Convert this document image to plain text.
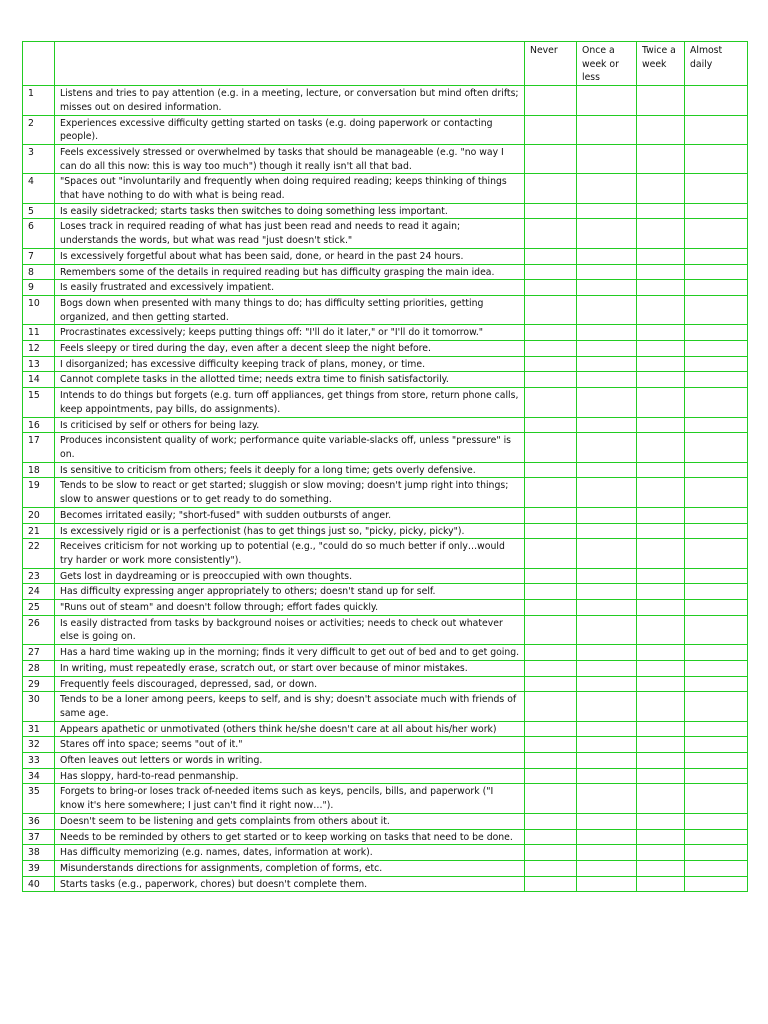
		Never	Once a week or less	Twice a week	Almost daily
1	Listens and tries to pay attention (e.g. in a meeting, lecture, or conversation but mind often drifts; misses out on desired information.				
2	Experiences excessive difficulty getting started on tasks (e.g. doing paperwork or contacting people).				
3	Feels excessively stressed or overwhelmed by tasks that should be manageable (e.g. "no way I can do all this now: this is way too much") though it really isn't all that bad.				
4	"Spaces out "involuntarily and frequently when doing required reading; keeps thinking of things that have nothing to do with what is being read.				
5	Is easily sidetracked; starts tasks then switches to doing something less important.				
6	Loses track in required reading of what has just been read and needs to read it again; understands the words, but what was read "just doesn't stick."				
7	Is excessively forgetful about what has been said, done, or heard in the past 24 hours.				
8	Remembers some of the details in required reading but has difficulty grasping the main idea.				
9	Is easily frustrated and excessively impatient.				
10	Bogs down when presented with many things to do; has difficulty setting priorities, getting organized, and then getting started.				
11	Procrastinates excessively; keeps putting things off: "I'll do it later," or "I'll do it tomorrow."				
12	Feels sleepy or tired during the day, even after a decent sleep the night before.				
13	I disorganized; has excessive difficulty keeping track of plans, money, or time.				
14	Cannot complete tasks in the allotted time; needs extra time to finish satisfactorily.				
15	Intends to do things but forgets (e.g. turn off appliances, get things from store, return phone calls, keep appointments, pay bills, do assignments).				
16	Is criticised by self or others for being lazy.				
17	Produces inconsistent quality of work; performance quite variable-slacks off, unless "pressure" is on.				
18	Is sensitive to criticism from others; feels it deeply for a long time; gets overly defensive.				
19	Tends to be slow to react or get started; sluggish or slow moving; doesn't jump right into things; slow to answer questions or to get ready to do something.				
20	Becomes irritated easily; "short-fused" with sudden outbursts of anger.				
21	Is excessively rigid or is a perfectionist (has to get things just so, "picky, picky, picky").				
22	Receives criticism for not working up to potential (e.g., "could do so much better if only…would try harder or work more consistently").				
23	Gets lost in daydreaming or is preoccupied with own thoughts.				
24	Has difficulty expressing anger appropriately to others; doesn't stand up for self.				
25	"Runs out of steam" and doesn't follow through; effort fades quickly.				
26	Is easily distracted from tasks by background noises or activities; needs to check out whatever else is going on.				
27	Has a hard time waking up in the morning; finds it very difficult to get out of bed and to get going.				
28	In writing, must repeatedly erase, scratch out, or start over because of minor mistakes.				
29	Frequently feels discouraged, depressed, sad, or down.				
30	Tends to be a loner among peers, keeps to self, and is shy; doesn't associate much with friends of same age.				
31	Appears apathetic or unmotivated (others think he/she doesn't care at all about his/her work)				
32	Stares off into space; seems "out of it."				
33	Often leaves out letters or words in writing.				
34	Has sloppy, hard-to-read penmanship.				
35	Forgets to bring-or loses track of-needed items such as keys, pencils, bills, and paperwork ("I know it's here somewhere; I just can't find it right now…").				
36	Doesn't seem to be listening and gets complaints from others about it.				
37	Needs to be reminded by others to get started or to keep working on tasks that need to be done.				
38	Has difficulty memorizing (e.g. names, dates, information at work).				
39	Misunderstands directions for assignments, completion of forms, etc.				
40	Starts tasks (e.g., paperwork, chores) but doesn't complete them.				
